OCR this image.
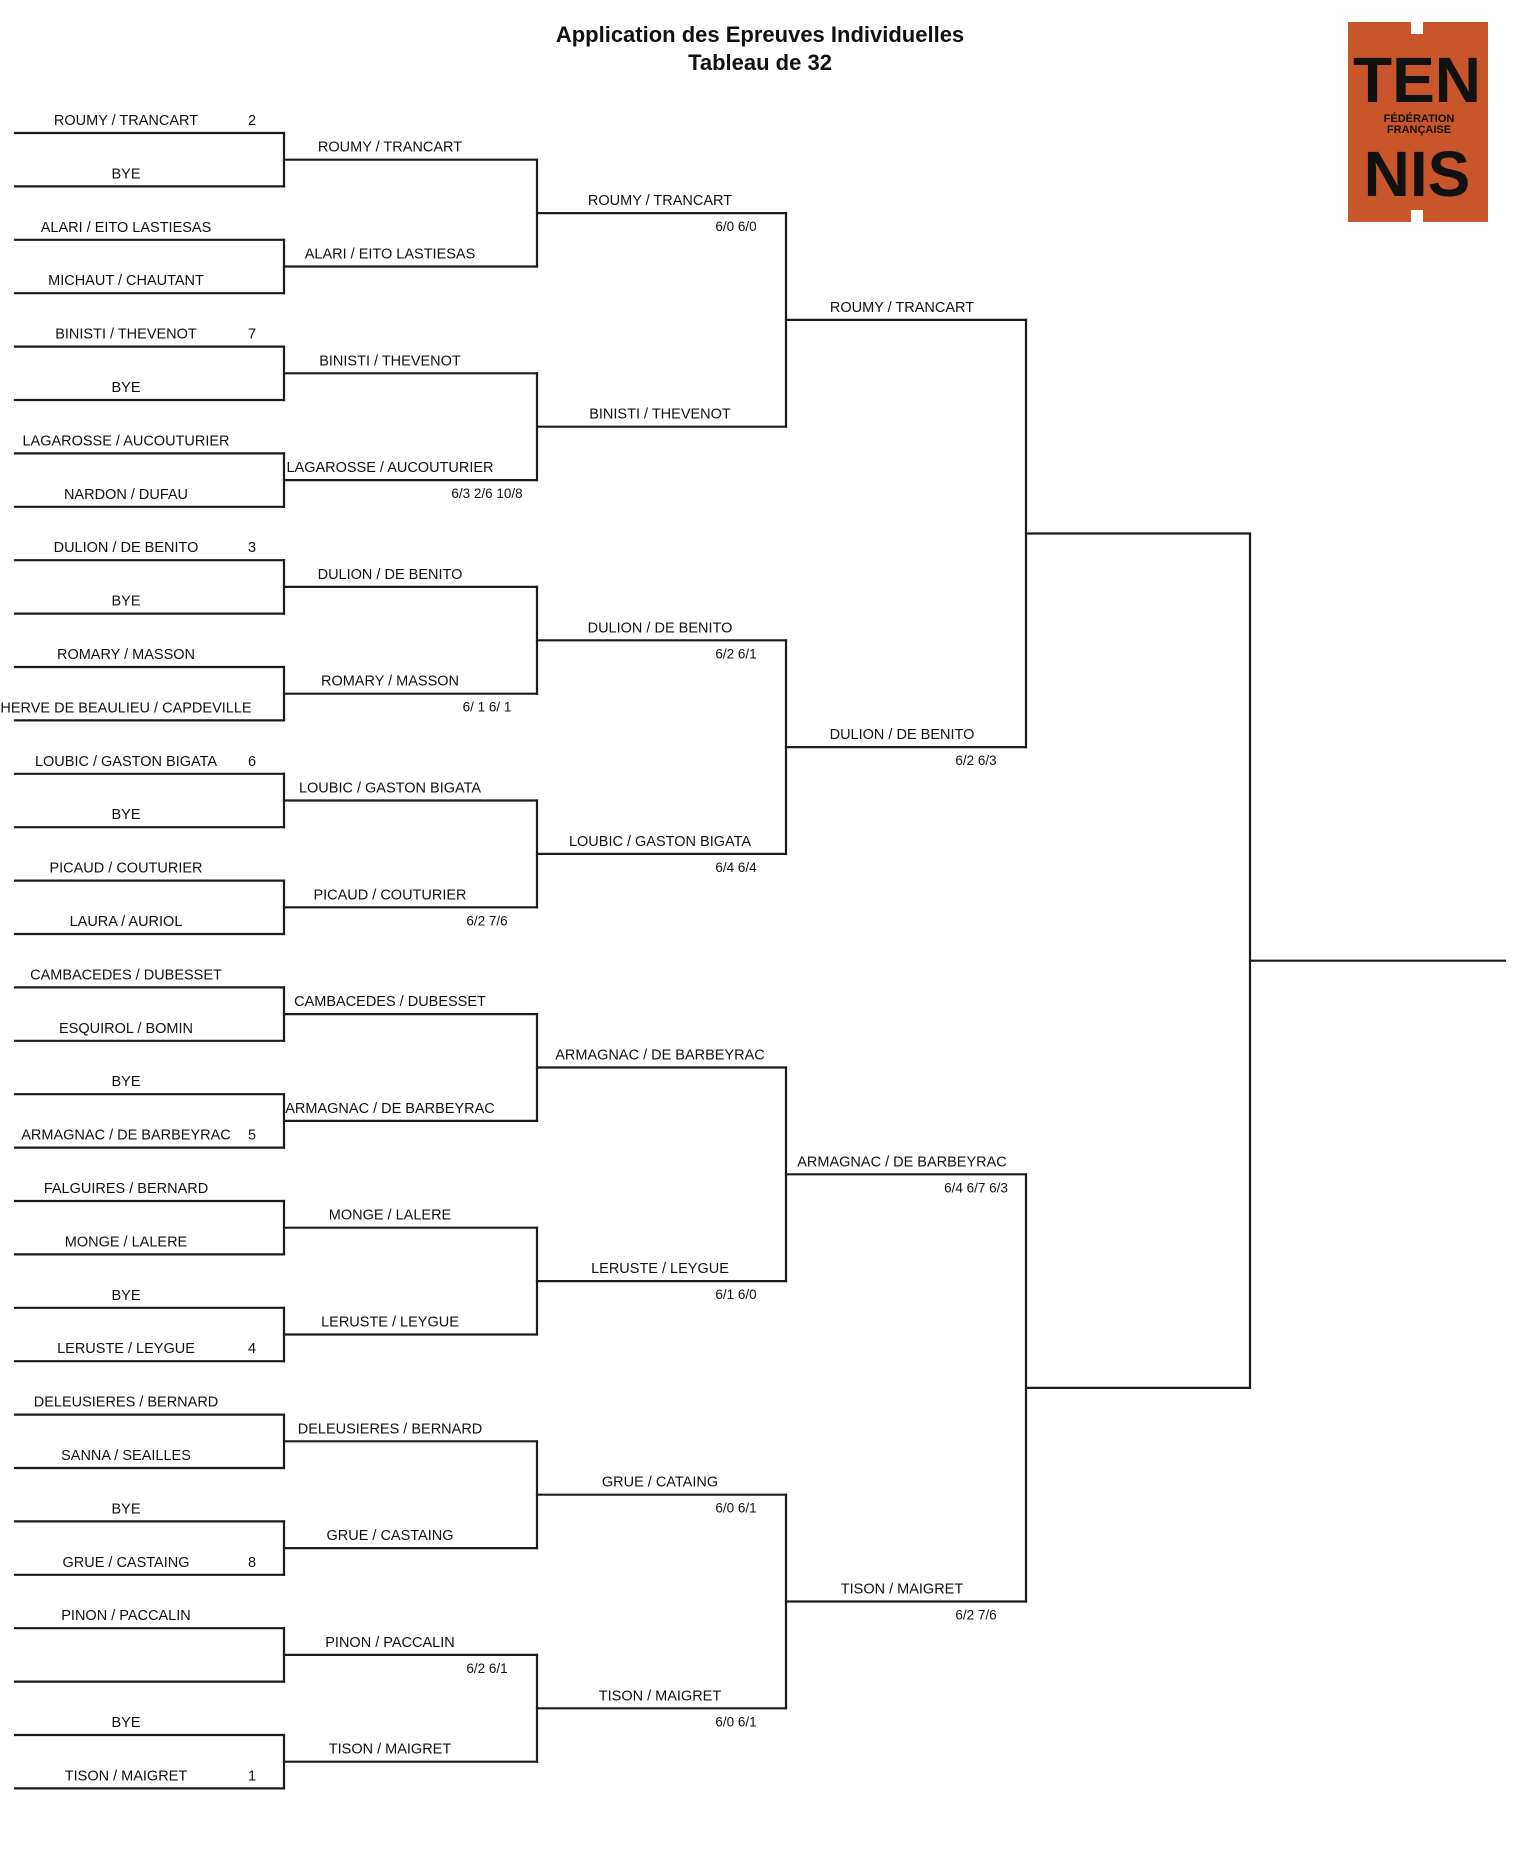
Application des Epreuves Individuelles
Tableau de 32	TEN
FÉDÉRATION
FRANÇAISE
NIS
ROUMY / TRANCART	2
BYE
ALARI / EITO LASTIESAS
MICHAUT / CHAUTANT
BINISTI / THEVENOT	7
BYE
LAGAROSSE / AUCOUTURIER
NARDON / DUFAU
DULION / DE BENITO	3
BYE
ROMARY / MASSON
HERVE DE BEAULIEU / CAPDEVILLE
LOUBIC / GASTON BIGATA 6
BYE
PICAUD / COUTURIER
LAURA / AURIOL
CAMBACEDES / DUBESSET
ESQUIROL / BOMIN
BYE
ARMAGNAC / DE BARBEYRAC 5
FALGUIRES / BERNARD
MONGE / LALERE
BYE
LERUSTE / LEYGUE	4
DELEUSIERES / BERNARD
SANNA / SEAILLES
BYE
GRUE / CASTAING	8
PINON / PACCALIN
BYE
TISON / MAIGRET	1
ROUMY / TRANCART
ALARI / EITO LASTIESAS
BINISTI / THEVENOT
LAGAROSSE / AUCOUTURIER
6/3 2/6 10/8
DULION / DE BENITO
ROMARY / MASSON
6/ 1 6/ 1
LOUBIC / GASTON BIGATA
PICAUD / COUTURIER
6/2 7/6
CAMBACEDES / DUBESSET
ARMAGNAC / DE BARBEYRAC
MONGE / LALERE
LERUSTE / LEYGUE
DELEUSIERES / BERNARD
GRUE / CASTAING
PINON / PACCALIN
6/2 6/1
TISON / MAIGRET
ROUMY / TRANCART
6/0 6/0
BINISTI / THEVENOT
DULION / DE BENITO
6/2 6/1
LOUBIC / GASTON BIGATA
6/4 6/4
ARMAGNAC / DE BARBEYRAC
LERUSTE / LEYGUE
6/1 6/0
GRUE / CATAING
6/0 6/1
TISON / MAIGRET
6/0 6/1
ROUMY / TRANCART
DULION / DE BENITO
6/2 6/3
ARMAGNAC / DE BARBEYRAC
6/4 6/7 6/3
TISON / MAIGRET
6/2 7/6
